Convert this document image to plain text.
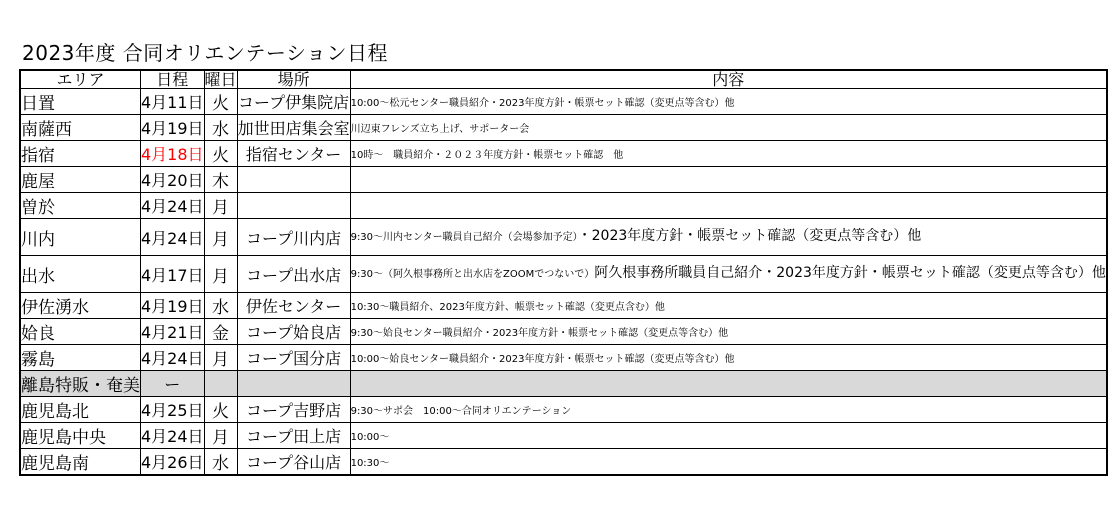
2023年度 合同オリエンテーション日程
エリア	日程	曜日	場所	内容
日置	4月11日	火	コープ伊集院店	10:00～松元センター職員紹介・2023年度方針・帳票セット確認（変更点等含む）他
南薩西	4月19日	水	加世田店集会室	川辺東フレンズ立ち上げ、サポーター会
指宿	4月18日	火	指宿センター	10時～　職員紹介・２０２３年度方針・帳票セット確認　他
鹿屋	4月20日	木		
曽於	4月24日	月		
川内	4月24日	月	コープ川内店	9:30～川内センター職員自己紹介（会場参加予定）・2023年度方針・帳票セット確認（変更点等含む）他
出水	4月17日	月	コープ出水店	9:30～（阿久根事務所と出水店をZOOMでつないで）阿久根事務所職員自己紹介・2023年度方針・帳票セット確認（変更点等含む）他
伊佐湧水	4月19日	水	伊佐センター	10:30～職員紹介、2023年度方針、帳票セット確認（変更点含む）他
姶良	4月21日	金	コープ姶良店	9:30～姶良センター職員紹介・2023年度方針・帳票セット確認（変更点等含む）他
霧島	4月24日	月	コープ国分店	10:00～姶良センター職員紹介・2023年度方針・帳票セット確認（変更点等含む）他
離島特販・奄美	ー			
鹿児島北	4月25日	火	コープ吉野店	9:30～サポ会　10:00～合同オリエンテーション
鹿児島中央	4月24日	月	コープ田上店	10:00～
鹿児島南	4月26日	水	コープ谷山店	10:30～
